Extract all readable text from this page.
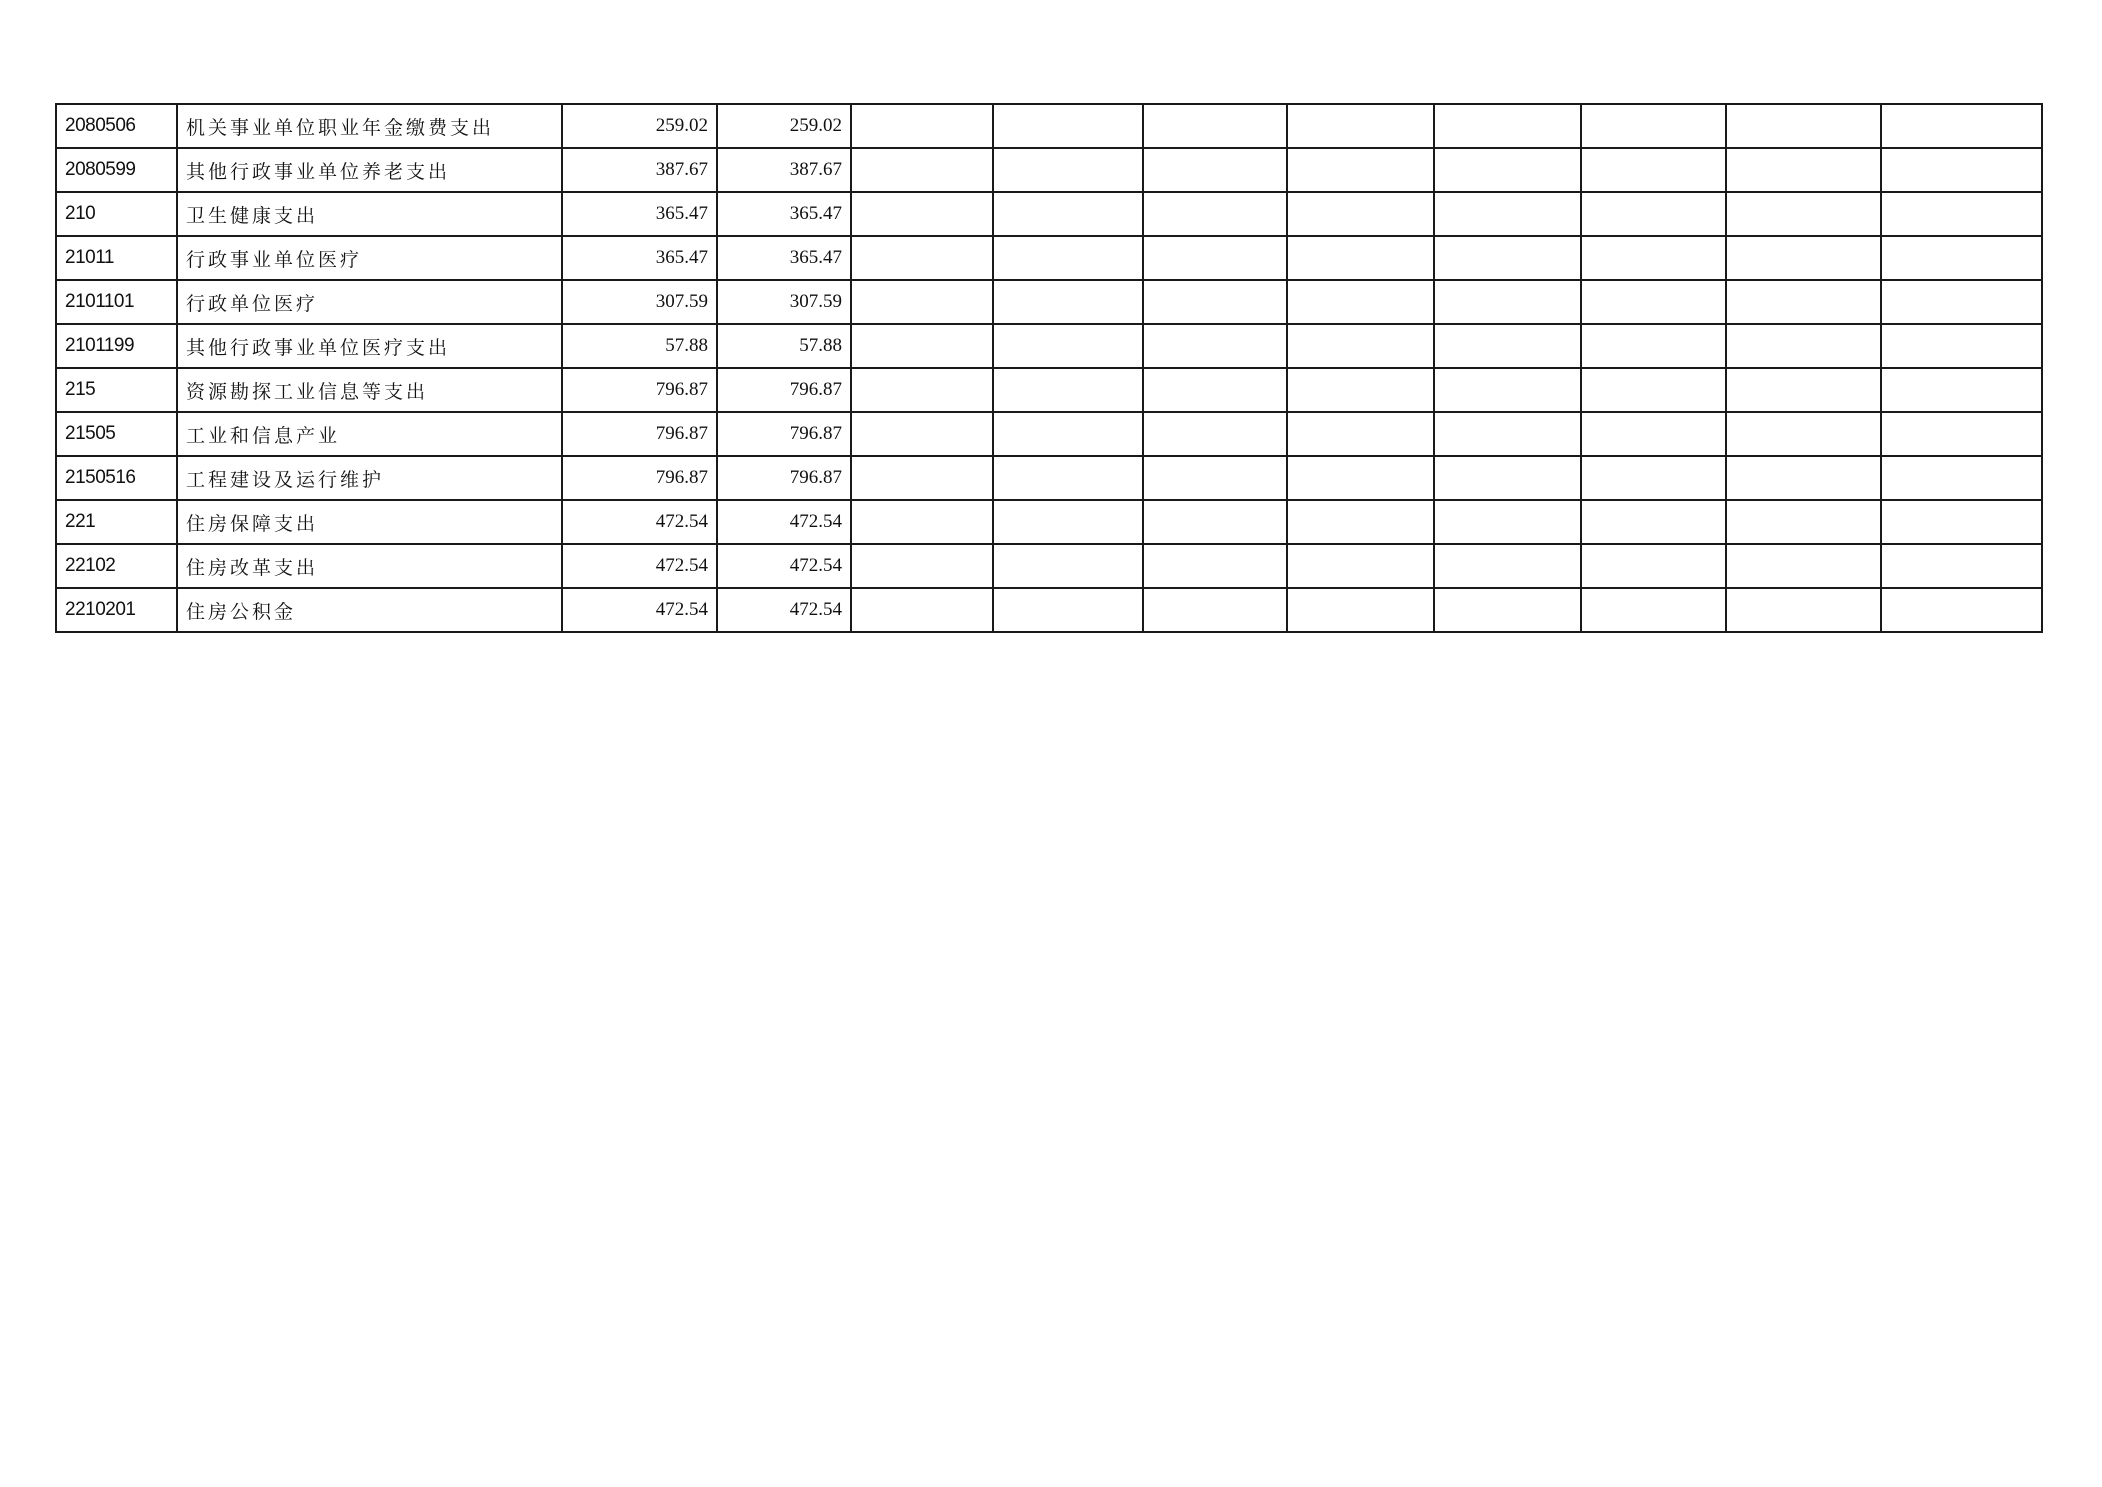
2080506	机关事业单位职业年金缴费支出	259.02	259.02								
2080599	其他行政事业单位养老支出	387.67	387.67								
210	卫生健康支出	365.47	365.47								
21011	行政事业单位医疗	365.47	365.47								
2101101	行政单位医疗	307.59	307.59								
2101199	其他行政事业单位医疗支出	57.88	57.88								
215	资源勘探工业信息等支出	796.87	796.87								
21505	工业和信息产业	796.87	796.87								
2150516	工程建设及运行维护	796.87	796.87								
221	住房保障支出	472.54	472.54								
22102	住房改革支出	472.54	472.54								
2210201	住房公积金	472.54	472.54								
